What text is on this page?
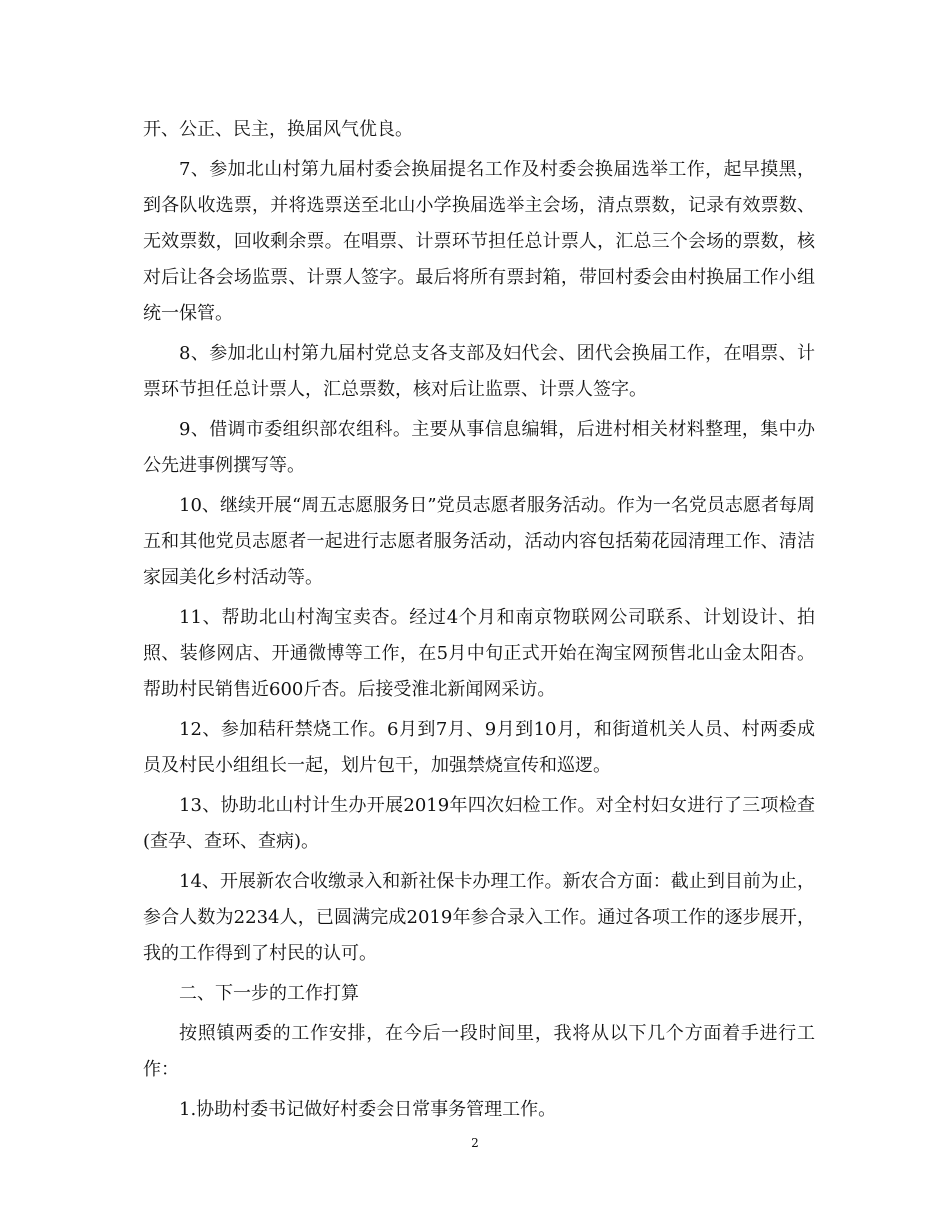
开、公正、民主，换届风气优良。

7、参加北山村第九届村委会换届提名工作及村委会换届选举工作，起早摸黑，到各队收选票，并将选票送至北山小学换届选举主会场，清点票数，记录有效票数、无效票数，回收剩余票。在唱票、计票环节担任总计票人，汇总三个会场的票数，核对后让各会场监票、计票人签字。最后将所有票封箱，带回村委会由村换届工作小组统一保管。

8、参加北山村第九届村党总支各支部及妇代会、团代会换届工作，在唱票、计票环节担任总计票人，汇总票数，核对后让监票、计票人签字。

9、借调市委组织部农组科。主要从事信息编辑，后进村相关材料整理，集中办公先进事例撰写等。

10、继续开展“周五志愿服务日”党员志愿者服务活动。作为一名党员志愿者每周五和其他党员志愿者一起进行志愿者服务活动，活动内容包括菊花园清理工作、清洁家园美化乡村活动等。

11、帮助北山村淘宝卖杏。经过4个月和南京物联网公司联系、计划设计、拍照、装修网店、开通微博等工作，在5月中旬正式开始在淘宝网预售北山金太阳杏。帮助村民销售近600斤杏。后接受淮北新闻网采访。

12、参加秸秆禁烧工作。6月到7月、9月到10月，和街道机关人员、村两委成员及村民小组组长一起，划片包干，加强禁烧宣传和巡逻。

13、协助北山村计生办开展2019年四次妇检工作。对全村妇女进行了三项检查(查孕、查环、查病)。

14、开展新农合收缴录入和新社保卡办理工作。新农合方面：截止到目前为止，参合人数为2234人，已圆满完成2019年参合录入工作。通过各项工作的逐步展开，我的工作得到了村民的认可。

二、下一步的工作打算

按照镇两委的工作安排，在今后一段时间里，我将从以下几个方面着手进行工作：

1.协助村委书记做好村委会日常事务管理工作。

2
